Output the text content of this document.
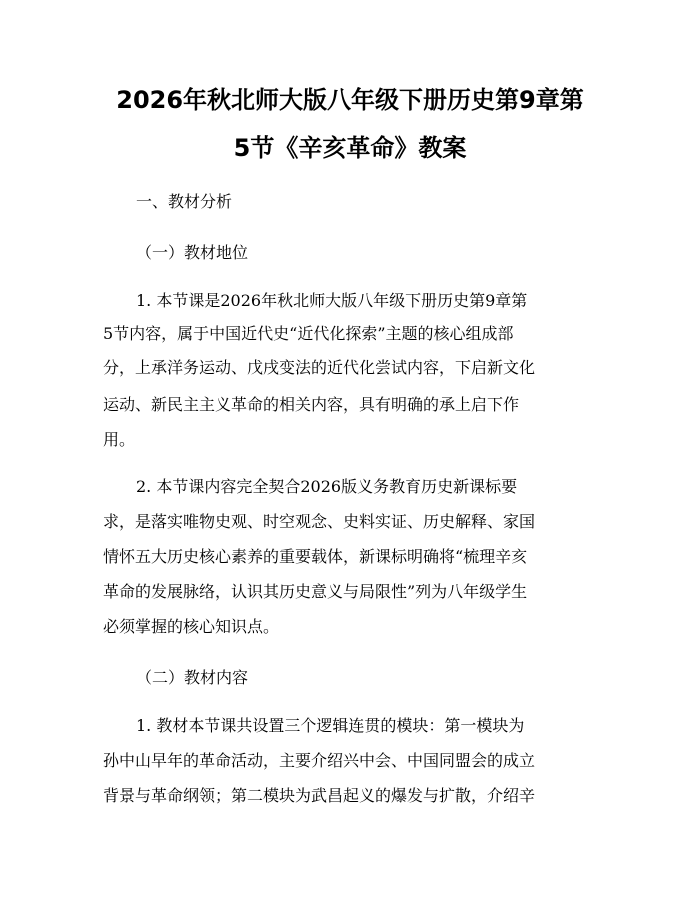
2026年秋北师大版八年级下册历史第9章第
5节《辛亥革命》教案
一、教材分析
（一）教材地位
1. 本节课是2026年秋北师大版八年级下册历史第9章第
5节内容，属于中国近代史“近代化探索”主题的核心组成部
分，上承洋务运动、戊戌变法的近代化尝试内容，下启新文化
运动、新民主主义革命的相关内容，具有明确的承上启下作
用。
2. 本节课内容完全契合2026版义务教育历史新课标要
求，是落实唯物史观、时空观念、史料实证、历史解释、家国
情怀五大历史核心素养的重要载体，新课标明确将“梳理辛亥
革命的发展脉络，认识其历史意义与局限性”列为八年级学生
必须掌握的核心知识点。
（二）教材内容
1. 教材本节课共设置三个逻辑连贯的模块：第一模块为
孙中山早年的革命活动，主要介绍兴中会、中国同盟会的成立
背景与革命纲领；第二模块为武昌起义的爆发与扩散，介绍辛
